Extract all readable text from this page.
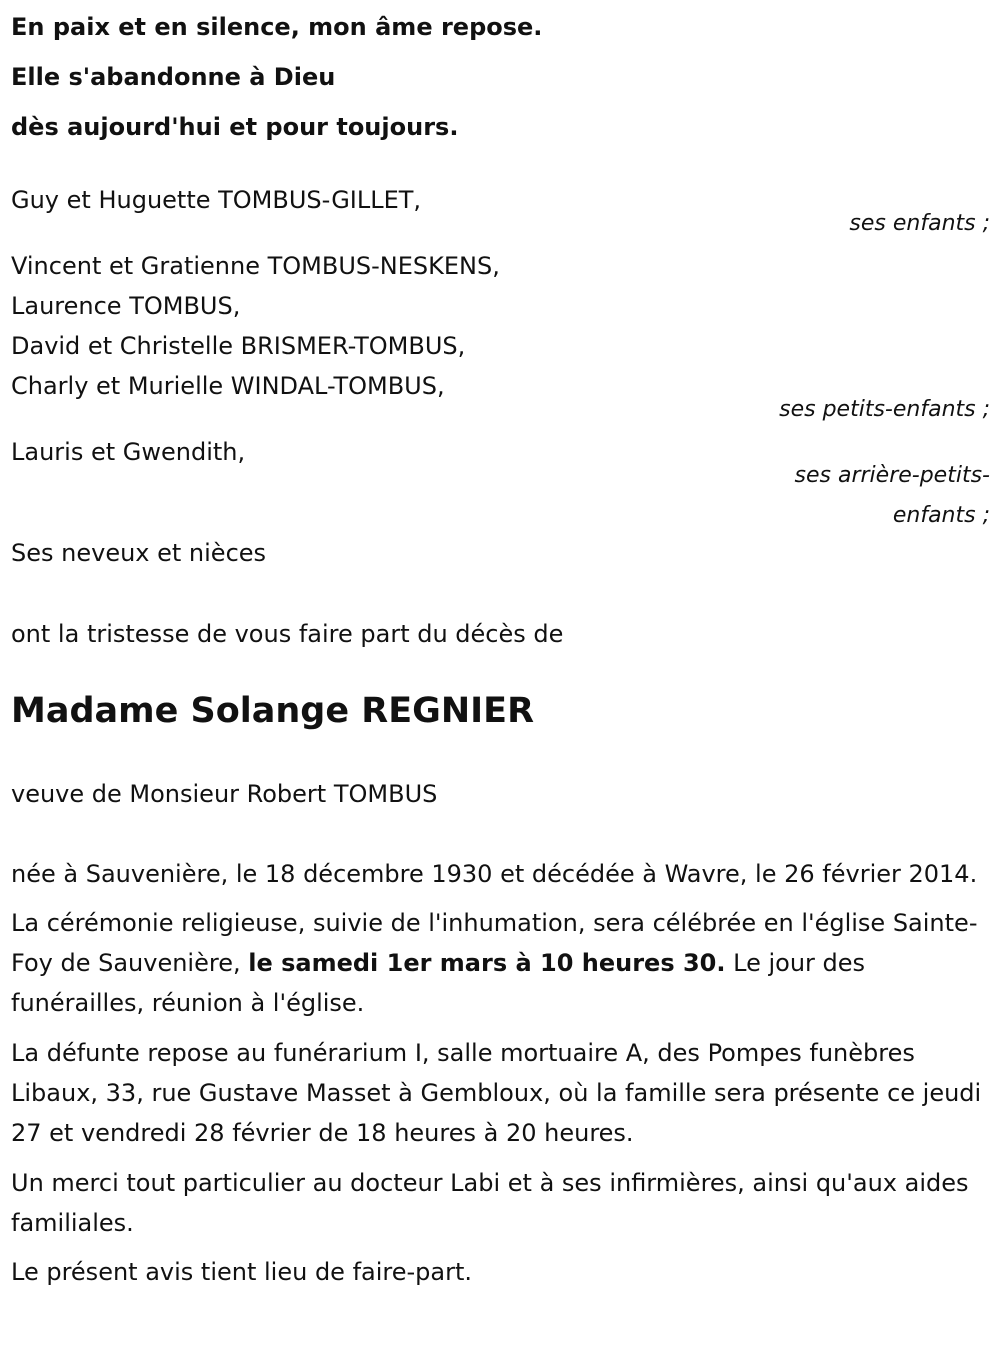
En paix et en silence, mon âme repose.
Elle s'abandonne à Dieu
dès aujourd'hui et pour toujours.
Guy et Huguette TOMBUS-GILLET,
ses enfants ;
Vincent et Gratienne TOMBUS-NESKENS,
Laurence TOMBUS,
David et Christelle BRISMER-TOMBUS,
Charly et Murielle WINDAL-TOMBUS,
ses petits-enfants ;
Lauris et Gwendith,
ses arrière-petits-
enfants ;
Ses neveux et nièces
ont la tristesse de vous faire part du décès de
Madame Solange REGNIER
veuve de Monsieur Robert TOMBUS

née à Sauvenière, le 18 décembre 1930 et décédée à Wavre, le 26 février 2014.

La cérémonie religieuse, suivie de l'inhumation, sera célébrée en l'église Sainte-Foy de Sauvenière, le samedi 1er mars à 10 heures 30. Le jour des funérailles, réunion à l'église.

La défunte repose au funérarium I, salle mortuaire A, des Pompes funèbres Libaux, 33, rue Gustave Masset à Gembloux, où la famille sera présente ce jeudi 27 et vendredi 28 février de 18 heures à 20 heures.

Un merci tout particulier au docteur Labi et à ses infirmières, ainsi qu'aux aides familiales.

Le présent avis tient lieu de faire-part.
